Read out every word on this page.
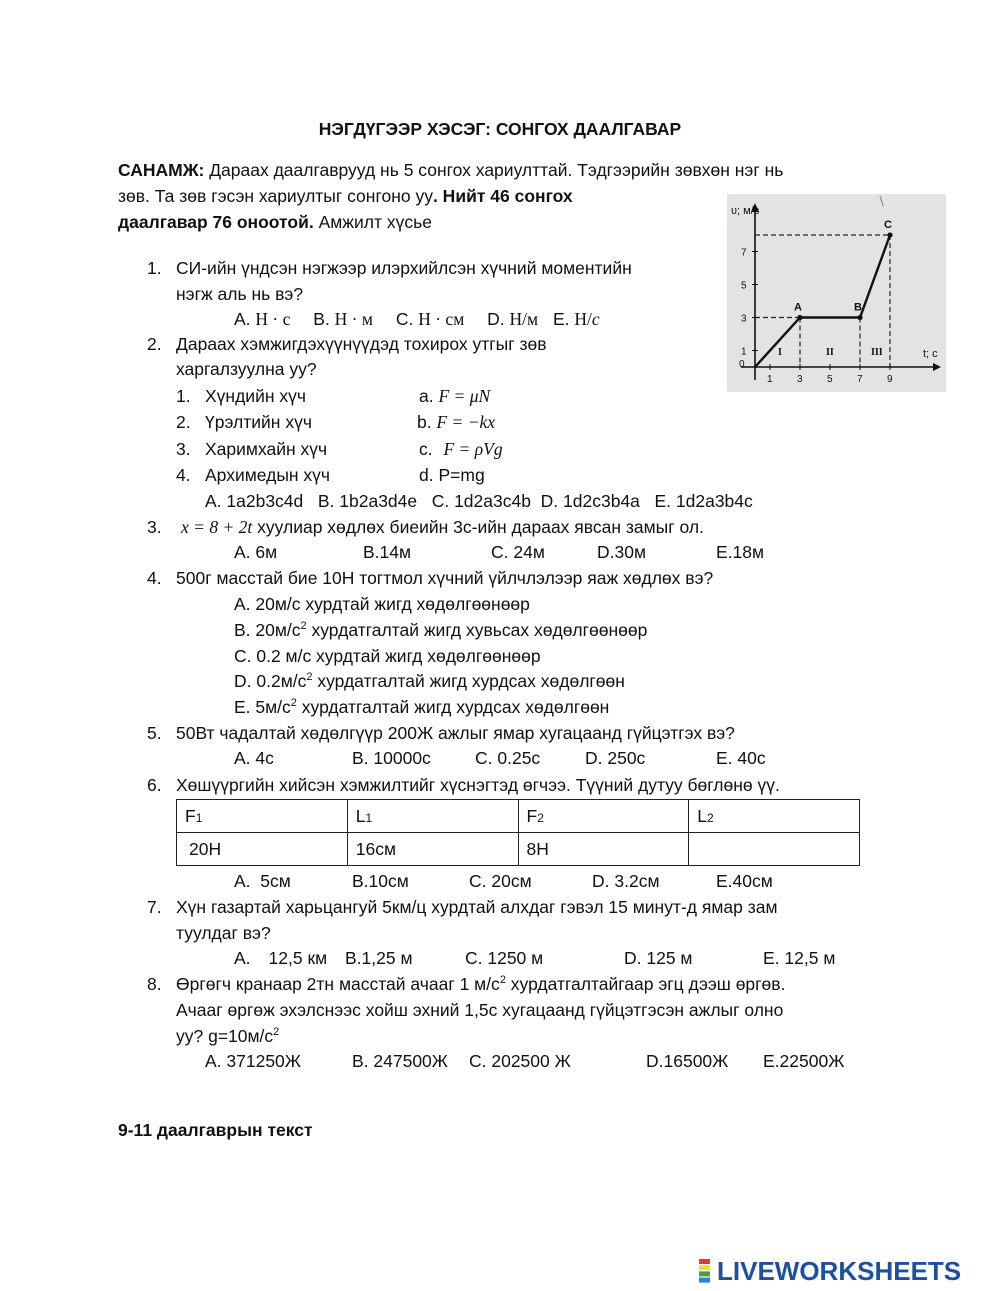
НЭГДҮГЭЭР ХЭСЭГ: СОНГОХ ДААЛГАВАР
САНАМЖ: Дараах даалгаврууд нь 5 сонгох хариулттай. Тэдгээрийн зөвхөн нэг нь
зөв. Та зөв гэсэн хариултыг сонгоно уу. Нийт 46 сонгох
даалгавар 76 оноотой. Амжилт хүсье
A	B
C
1
3
5
7
0
1 3 5 7 9
I	II	III
υ; м/с
t; с
∖
1. СИ-ийн үндсэн нэгжээр илэрхийлсэн хүчний моментийн
нэгж аль нь вэ?
A. Н · с B. Н · м C. Н · см D. Н/м E. Н/с
2. Дараах хэмжигдэхүүнүүдэд тохирох утгыг зөв
харгалзуулна уу?
1. Хүндийн хүч	a. F = μN
2. Үрэлтийн хүч	b. F = −kx
3. Харимхайн хүч	c. F = ρVg
4. Архимедын хүч	d. P=mg
A. 1a2b3c4d   B. 1b2a3d4e   C. 1d2a3c4b  D. 1d2c3b4a   E. 1d2a3b4c
3. x = 8 + 2t хуулиар хөдлөх биеийн 3с-ийн дараах явсан замыг ол.
A. 6м	B.14м	C. 24м	D.30м	E.18м
4. 500г масстай бие 10Н тогтмол хүчний үйлчлэлээр яаж хөдлөх вэ?
A. 20м/с хурдтай жигд хөдөлгөөнөөр
B. $20м/с^2$ хурдатгалтай жигд хувьсах хөдөлгөөнөөр
C. 0.2 м/с хурдтай жигд хөдөлгөөнөөр
D. $0.2м/с^2$ хурдатгалтай жигд хурдсах хөдөлгөөн
E. $5м/с^2$ хурдатгалтай жигд хурдсах хөдөлгөөн
5. 50Вт чадалтай хөдөлгүүр 200Ж ажлыг ямар хугацаанд гүйцэтгэх вэ?
A. 4с	B. 10000с	C. 0.25с	D. 250с	E. 40с
6. Хөшүүргийн хийсэн хэмжилтийг хүснэгтэд өгчээ. Түүний дутуу бөглөнө үү.
F1	L1	F2	L2
20Н	16см	8Н	
A.  5см	B.10см	C. 20см	D. 3.2см	E.40см
7. Хүн газартай харьцангуй 5км/ц хурдтай алхдаг гэвэл 15 минут-д ямар зам
туулдаг вэ?
A. 12,5 км B.1,25 м	C. 1250 м	D. 125 м	E. 12,5 м
8. Өргөгч кранаар 2тн масстай ачааг 1 $м/с^2$ хурдатгалтайгаар эгц дээш өргөв.
Ачааг өргөж эхэлснээс хойш эхний 1,5с хугацаанд гүйцэтгэсэн ажлыг олно
уу? $g=10м/с^2$
A. 371250Ж	B. 247500Ж C. 202500 Ж	D.16500Ж E.22500Ж
9-11 даалгаврын текст
LIVEWORKSHEETS
